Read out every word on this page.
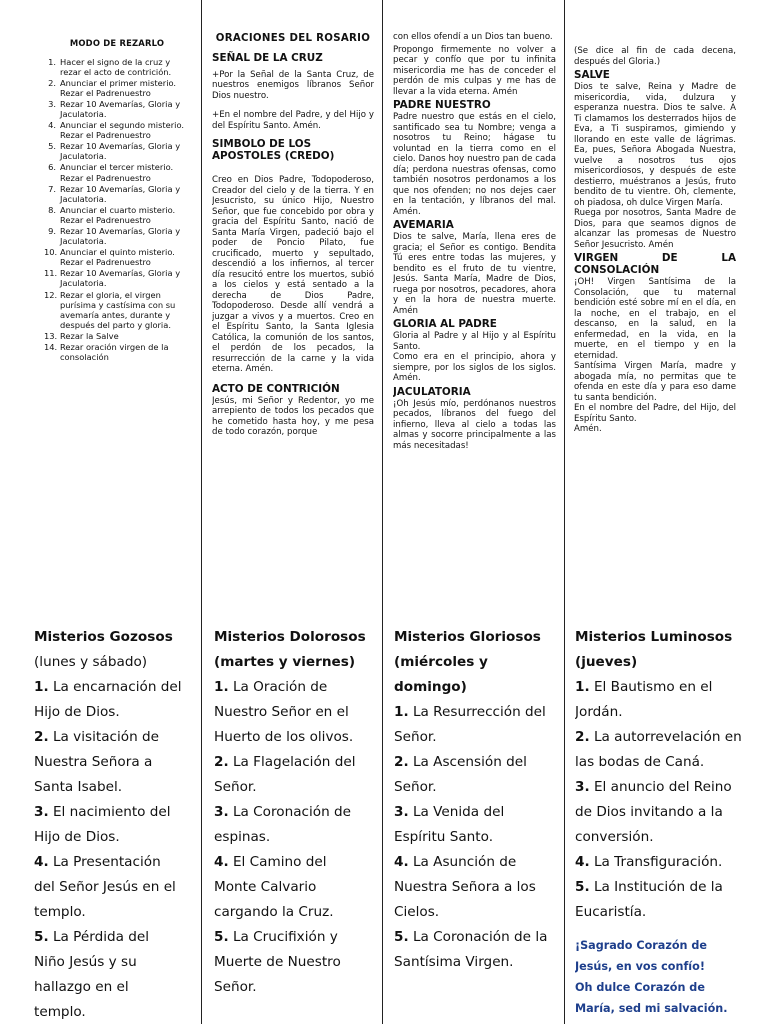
MODO DE REZARLO
1. Hacer el signo de la cruz y rezar el acto de contrición.
2. Anunciar el primer misterio. Rezar el Padrenuestro
3. Rezar 10 Avemarías, Gloria y Jaculatoria.
4. Anunciar el segundo misterio. Rezar el Padrenuestro
5. Rezar 10 Avemarías, Gloria y Jaculatoria.
6. Anunciar el tercer misterio. Rezar el Padrenuestro
7. Rezar 10 Avemarías, Gloria y Jaculatoria.
8. Anunciar el cuarto misterio. Rezar el Padrenuestro
9. Rezar 10 Avemarías, Gloria y Jaculatoria.
10. Anunciar el quinto misterio. Rezar el Padrenuestro
11. Rezar 10 Avemarías, Gloria y Jaculatoria.
12. Rezar el gloria, el virgen purísima y castísima con su avemaría antes, durante y después del parto y gloria.
13. Rezar la Salve
14. Rezar oración virgen de la consolación
ORACIONES DEL ROSARIO
SEÑAL DE LA CRUZ
+Por la Señal de la Santa Cruz, de nuestros enemigos líbranos Señor Dios nuestro.
+En el nombre del Padre, y del Hijo y del Espíritu Santo. Amén.
SIMBOLO DE LOS APOSTOLES (CREDO)
Creo en Dios Padre, Todopoderoso, Creador del cielo y de la tierra. Y en Jesucristo, su único Hijo, Nuestro Señor, que fue concebido por obra y gracia del Espíritu Santo, nació de Santa María Virgen, padeció bajo el poder de Poncio Pilato, fue crucificado, muerto y sepultado, descendió a los infiernos, al tercer día resucitó entre los muertos, subió a los cielos y está sentado a la derecha de Dios Padre, Todopoderoso. Desde allí vendrá a juzgar a vivos y a muertos. Creo en el Espíritu Santo, la Santa Iglesia Católica, la comunión de los santos, el perdón de los pecados, la resurrección de la carne y la vida eterna. Amén.
ACTO DE CONTRICIÓN
Jesús, mi Señor y Redentor, yo me arrepiento de todos los pecados que he cometido hasta hoy, y me pesa de todo corazón, porque
con ellos ofendí a un Dios tan bueno.
Propongo firmemente no volver a pecar y confío que por tu infinita misericordia me has de conceder el perdón de mis culpas y me has de llevar a la vida eterna. Amén
PADRE NUESTRO
Padre nuestro que estás en el cielo, santificado sea tu Nombre; venga a nosotros tu Reino; hágase tu voluntad en la tierra como en el cielo. Danos hoy nuestro pan de cada día; perdona nuestras ofensas, como también nosotros perdonamos a los que nos ofenden; no nos dejes caer en la tentación, y líbranos del mal. Amén.
AVEMARIA
Dios te salve, María, llena eres de gracia; el Señor es contigo. Bendita Tú eres entre todas las mujeres, y bendito es el fruto de tu vientre, Jesús. Santa María, Madre de Dios, ruega por nosotros, pecadores, ahora y en la hora de nuestra muerte. Amén
GLORIA AL PADRE
Gloria al Padre y al Hijo y al Espíritu Santo.
Como era en el principio, ahora y siempre, por los siglos de los siglos. Amén.
JACULATORIA
¡Oh Jesús mío, perdónanos nuestros pecados, líbranos del fuego del infierno, lleva al cielo a todas las almas y socorre principalmente a las más necesitadas!
(Se dice al fin de cada decena, después del Gloria.)
SALVE
Dios te salve, Reina y Madre de misericordia, vida, dulzura y esperanza nuestra. Dios te salve. A Ti clamamos los desterrados hijos de Eva, a Ti suspiramos, gimiendo y llorando en este valle de lágrimas. Ea, pues, Señora Abogada Nuestra, vuelve a nosotros tus ojos misericordiosos, y después de este destierro, muéstranos a Jesús, fruto bendito de tu vientre. Oh, clemente, oh piadosa, oh dulce Virgen María.
Ruega por nosotros, Santa Madre de Dios, para que seamos dignos de alcanzar las promesas de Nuestro Señor Jesucristo. Amén
VIRGEN DE LA CONSOLACIÓN
¡OH! Virgen Santísima de la Consolación, que tu maternal bendición esté sobre mí en el día, en la noche, en el trabajo, en el descanso, en la salud, en la enfermedad, en la vida, en la muerte, en el tiempo y en la eternidad.
Santísima Virgen María, madre y abogada mía, no permitas que te ofenda en este día y para eso dame tu santa bendición.
En el nombre del Padre, del Hijo, del Espíritu Santo.
Amén.
Misterios Gozosos
(lunes y sábado)
1. La encarnación del Hijo de Dios.
2. La visitación de Nuestra Señora a Santa Isabel.
3. El nacimiento del Hijo de Dios.
4. La Presentación del Señor Jesús en el templo.
5. La Pérdida del Niño Jesús y su hallazgo en el templo.
Misterios Dolorosos
(martes y viernes)
1. La Oración de Nuestro Señor en el Huerto de los olivos.
2. La Flagelación del Señor.
3. La Coronación de espinas.
4. El Camino del Monte Calvario cargando la Cruz.
5. La Crucifixión y Muerte de Nuestro Señor.
Misterios Gloriosos
(miércoles y domingo)
1. La Resurrección del Señor.
2. La Ascensión del Señor.
3. La Venida del Espíritu Santo.
4. La Asunción de Nuestra Señora a los Cielos.
5. La Coronación de la Santísima Virgen.
Misterios Luminosos
(jueves)
1. El Bautismo en el Jordán.
2. La autorrevelación en las bodas de Caná.
3. El anuncio del Reino de Dios invitando a la conversión.
4. La Transfiguración.
5. La Institución de la Eucaristía.
¡Sagrado Corazón de Jesús, en vos confío!
Oh dulce Corazón de María, sed mi salvación.
